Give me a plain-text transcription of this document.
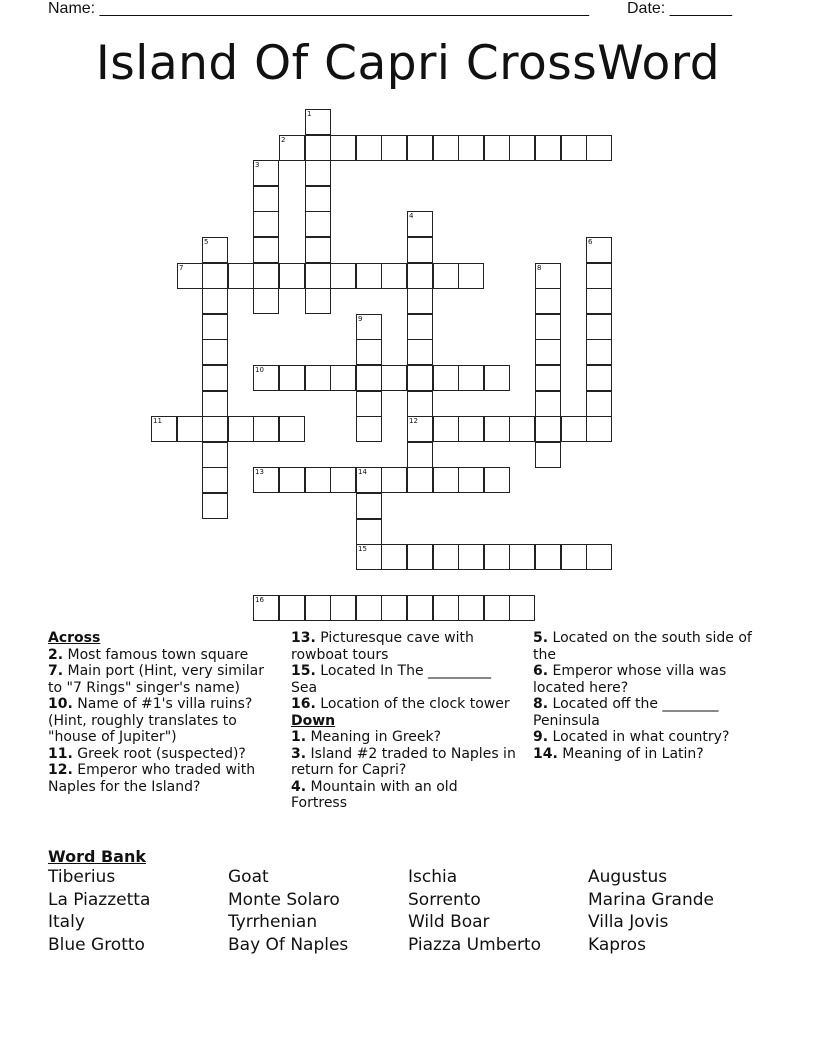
Name: _______________________________________________________ Date: _______
Island Of Capri CrossWord
1
2
3
4
12
5	6
7	8
9
10
11
13	14
15
16
Across
2. Most famous town square
7. Main port (Hint, very similar to "7 Rings" singer's name)
10. Name of #1's villa ruins? (Hint, roughly translates to "house of Jupiter")
11. Greek root (suspected)?
12. Emperor who traded with Naples for the Island?
13. Picturesque cave with rowboat tours
15. Located In The _________ Sea
16. Location of the clock tower
Down
1. Meaning in Greek?
3. Island #2 traded to Naples in return for Capri?
4. Mountain with an old Fortress
5. Located on the south side of the
6. Emperor whose villa was located here?
8. Located off the ________ Peninsula
9. Located in what country?
14. Meaning of in Latin?
Word Bank
Tiberius
La Piazzetta
Italy
Blue Grotto
Goat
Monte Solaro
Tyrrhenian
Bay Of Naples
Ischia
Sorrento
Wild Boar
Piazza Umberto
Augustus
Marina Grande
Villa Jovis
Kapros
